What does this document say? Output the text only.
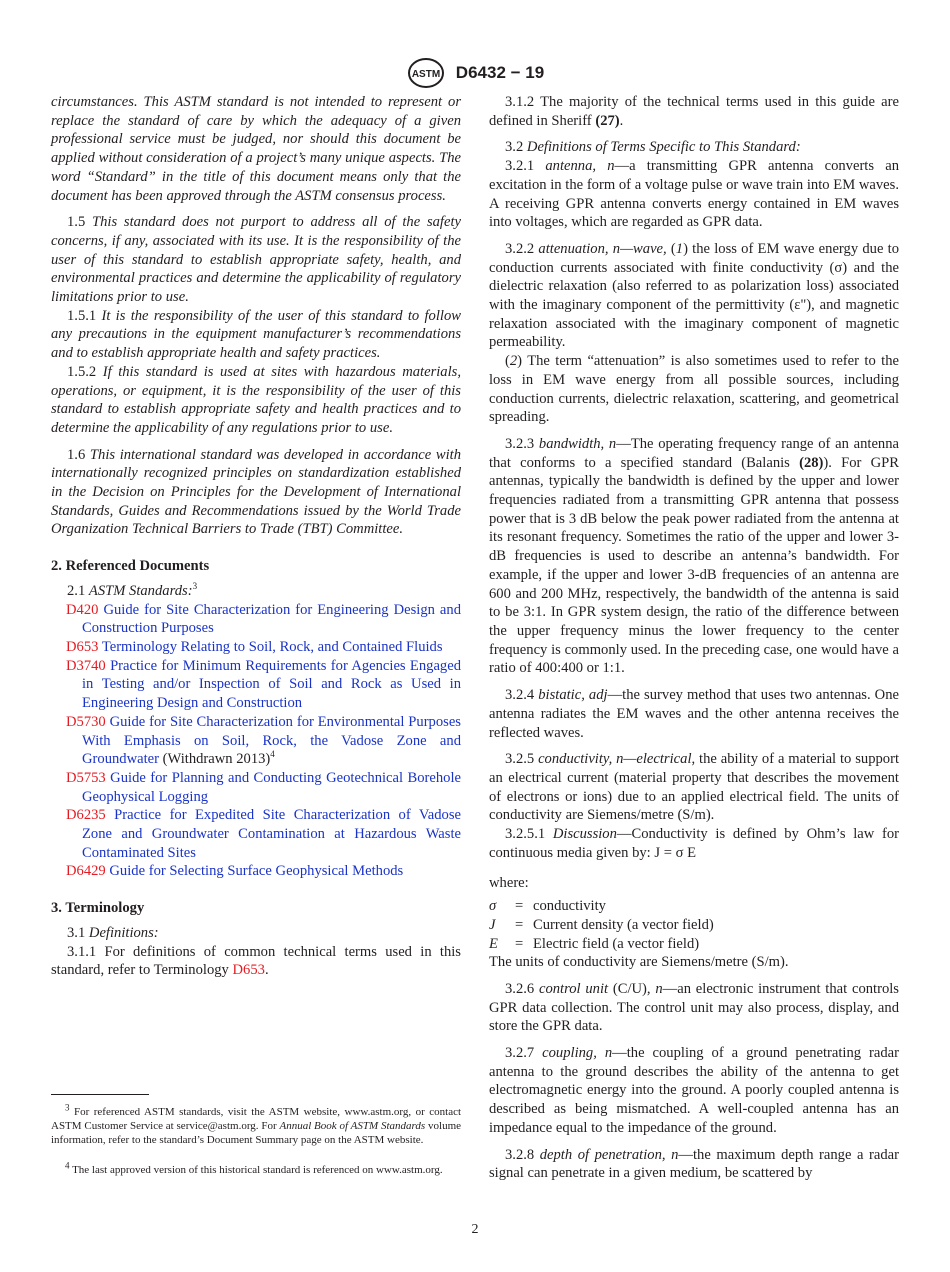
ASTM D6432 − 19

circumstances. This ASTM standard is not intended to represent or replace the standard of care by which the adequacy of a given professional service must be judged, nor should this document be applied without consideration of a project’s many unique aspects. The word “Standard” in the title of this document means only that the document has been approved through the ASTM consensus process.

1.5 This standard does not purport to address all of the safety concerns, if any, associated with its use. It is the responsibility of the user of this standard to establish appropriate safety, health, and environmental practices and determine the applicability of regulatory limitations prior to use.

1.5.1 It is the responsibility of the user of this standard to follow any precautions in the equipment manufacturer’s recommendations and to establish appropriate health and safety practices.

1.5.2 If this standard is used at sites with hazardous materials, operations, or equipment, it is the responsibility of the user of this standard to establish appropriate safety and health practices and to determine the applicability of any regulations prior to use.

1.6 This international standard was developed in accordance with internationally recognized principles on standardization established in the Decision on Principles for the Development of International Standards, Guides and Recommendations issued by the World Trade Organization Technical Barriers to Trade (TBT) Committee.

2. Referenced Documents

2.1 ASTM Standards:$^3$

D420 Guide for Site Characterization for Engineering Design and Construction Purposes

D653 Terminology Relating to Soil, Rock, and Contained Fluids

D3740 Practice for Minimum Requirements for Agencies Engaged in Testing and/or Inspection of Soil and Rock as Used in Engineering Design and Construction

D5730 Guide for Site Characterization for Environmental Purposes With Emphasis on Soil, Rock, the Vadose Zone and Groundwater (Withdrawn 2013)$^4$

D5753 Guide for Planning and Conducting Geotechnical Borehole Geophysical Logging

D6235 Practice for Expedited Site Characterization of Vadose Zone and Groundwater Contamination at Hazardous Waste Contaminated Sites

D6429 Guide for Selecting Surface Geophysical Methods

3. Terminology

3.1 Definitions:

3.1.1 For definitions of common technical terms used in this standard, refer to Terminology D653.

$^3$ For referenced ASTM standards, visit the ASTM website, www.astm.org, or contact ASTM Customer Service at service@astm.org. For Annual Book of ASTM Standards volume information, refer to the standard’s Document Summary page on the ASTM website.

$^4$ The last approved version of this historical standard is referenced on www.astm.org.

3.1.2 The majority of the technical terms used in this guide are defined in Sheriff (27).

3.2 Definitions of Terms Specific to This Standard:

3.2.1 antenna, n—a transmitting GPR antenna converts an excitation in the form of a voltage pulse or wave train into EM waves. A receiving GPR antenna converts energy contained in EM waves into voltages, which are regarded as GPR data.

3.2.2 attenuation, n—wave, (1) the loss of EM wave energy due to conduction currents associated with finite conductivity (σ) and the dielectric relaxation (also referred to as polarization loss) associated with the imaginary component of the permittivity (ε"), and magnetic relaxation associated with the imaginary component of magnetic permeability.

(2) The term “attenuation” is also sometimes used to refer to the loss in EM wave energy from all possible sources, including conduction currents, dielectric relaxation, scattering, and geometrical spreading.

3.2.3 bandwidth, n—The operating frequency range of an antenna that conforms to a specified standard (Balanis (28)). For GPR antennas, typically the bandwidth is defined by the upper and lower frequencies radiated from a transmitting GPR antenna that possess power that is 3 dB below the peak power radiated from the antenna at its resonant frequency. Sometimes the ratio of the upper and lower 3-dB frequencies is used to describe an antenna’s bandwidth. For example, if the upper and lower 3-dB frequencies of an antenna are 600 and 200 MHz, respectively, the bandwidth of the antenna is said to be 3:1. In GPR system design, the ratio of the difference between the upper frequency minus the lower frequency to the center frequency is commonly used. In the preceding case, one would have a ratio of 400:400 or 1:1.

3.2.4 bistatic, adj—the survey method that uses two antennas. One antenna radiates the EM waves and the other antenna receives the reflected waves.

3.2.5 conductivity, n—electrical, the ability of a material to support an electrical current (material property that describes the movement of electrons or ions) due to an applied electrical field. The units of conductivity are Siemens/metre (S/m).

3.2.5.1 Discussion—Conductivity is defined by Ohm’s law for continuous media given by: J = σ E

where:

σ	= conductivity
J	= Current density (a vector field)
E	= Electric field (a vector field)

The units of conductivity are Siemens/metre (S/m).

3.2.6 control unit (C/U), n—an electronic instrument that controls GPR data collection. The control unit may also process, display, and store the GPR data.

3.2.7 coupling, n—the coupling of a ground penetrating radar antenna to the ground describes the ability of the antenna to get electromagnetic energy into the ground. A poorly coupled antenna is described as being mismatched. A well-coupled antenna has an impedance equal to the impedance of the ground.

3.2.8 depth of penetration, n—the maximum depth range a radar signal can penetrate in a given medium, be scattered by

2
